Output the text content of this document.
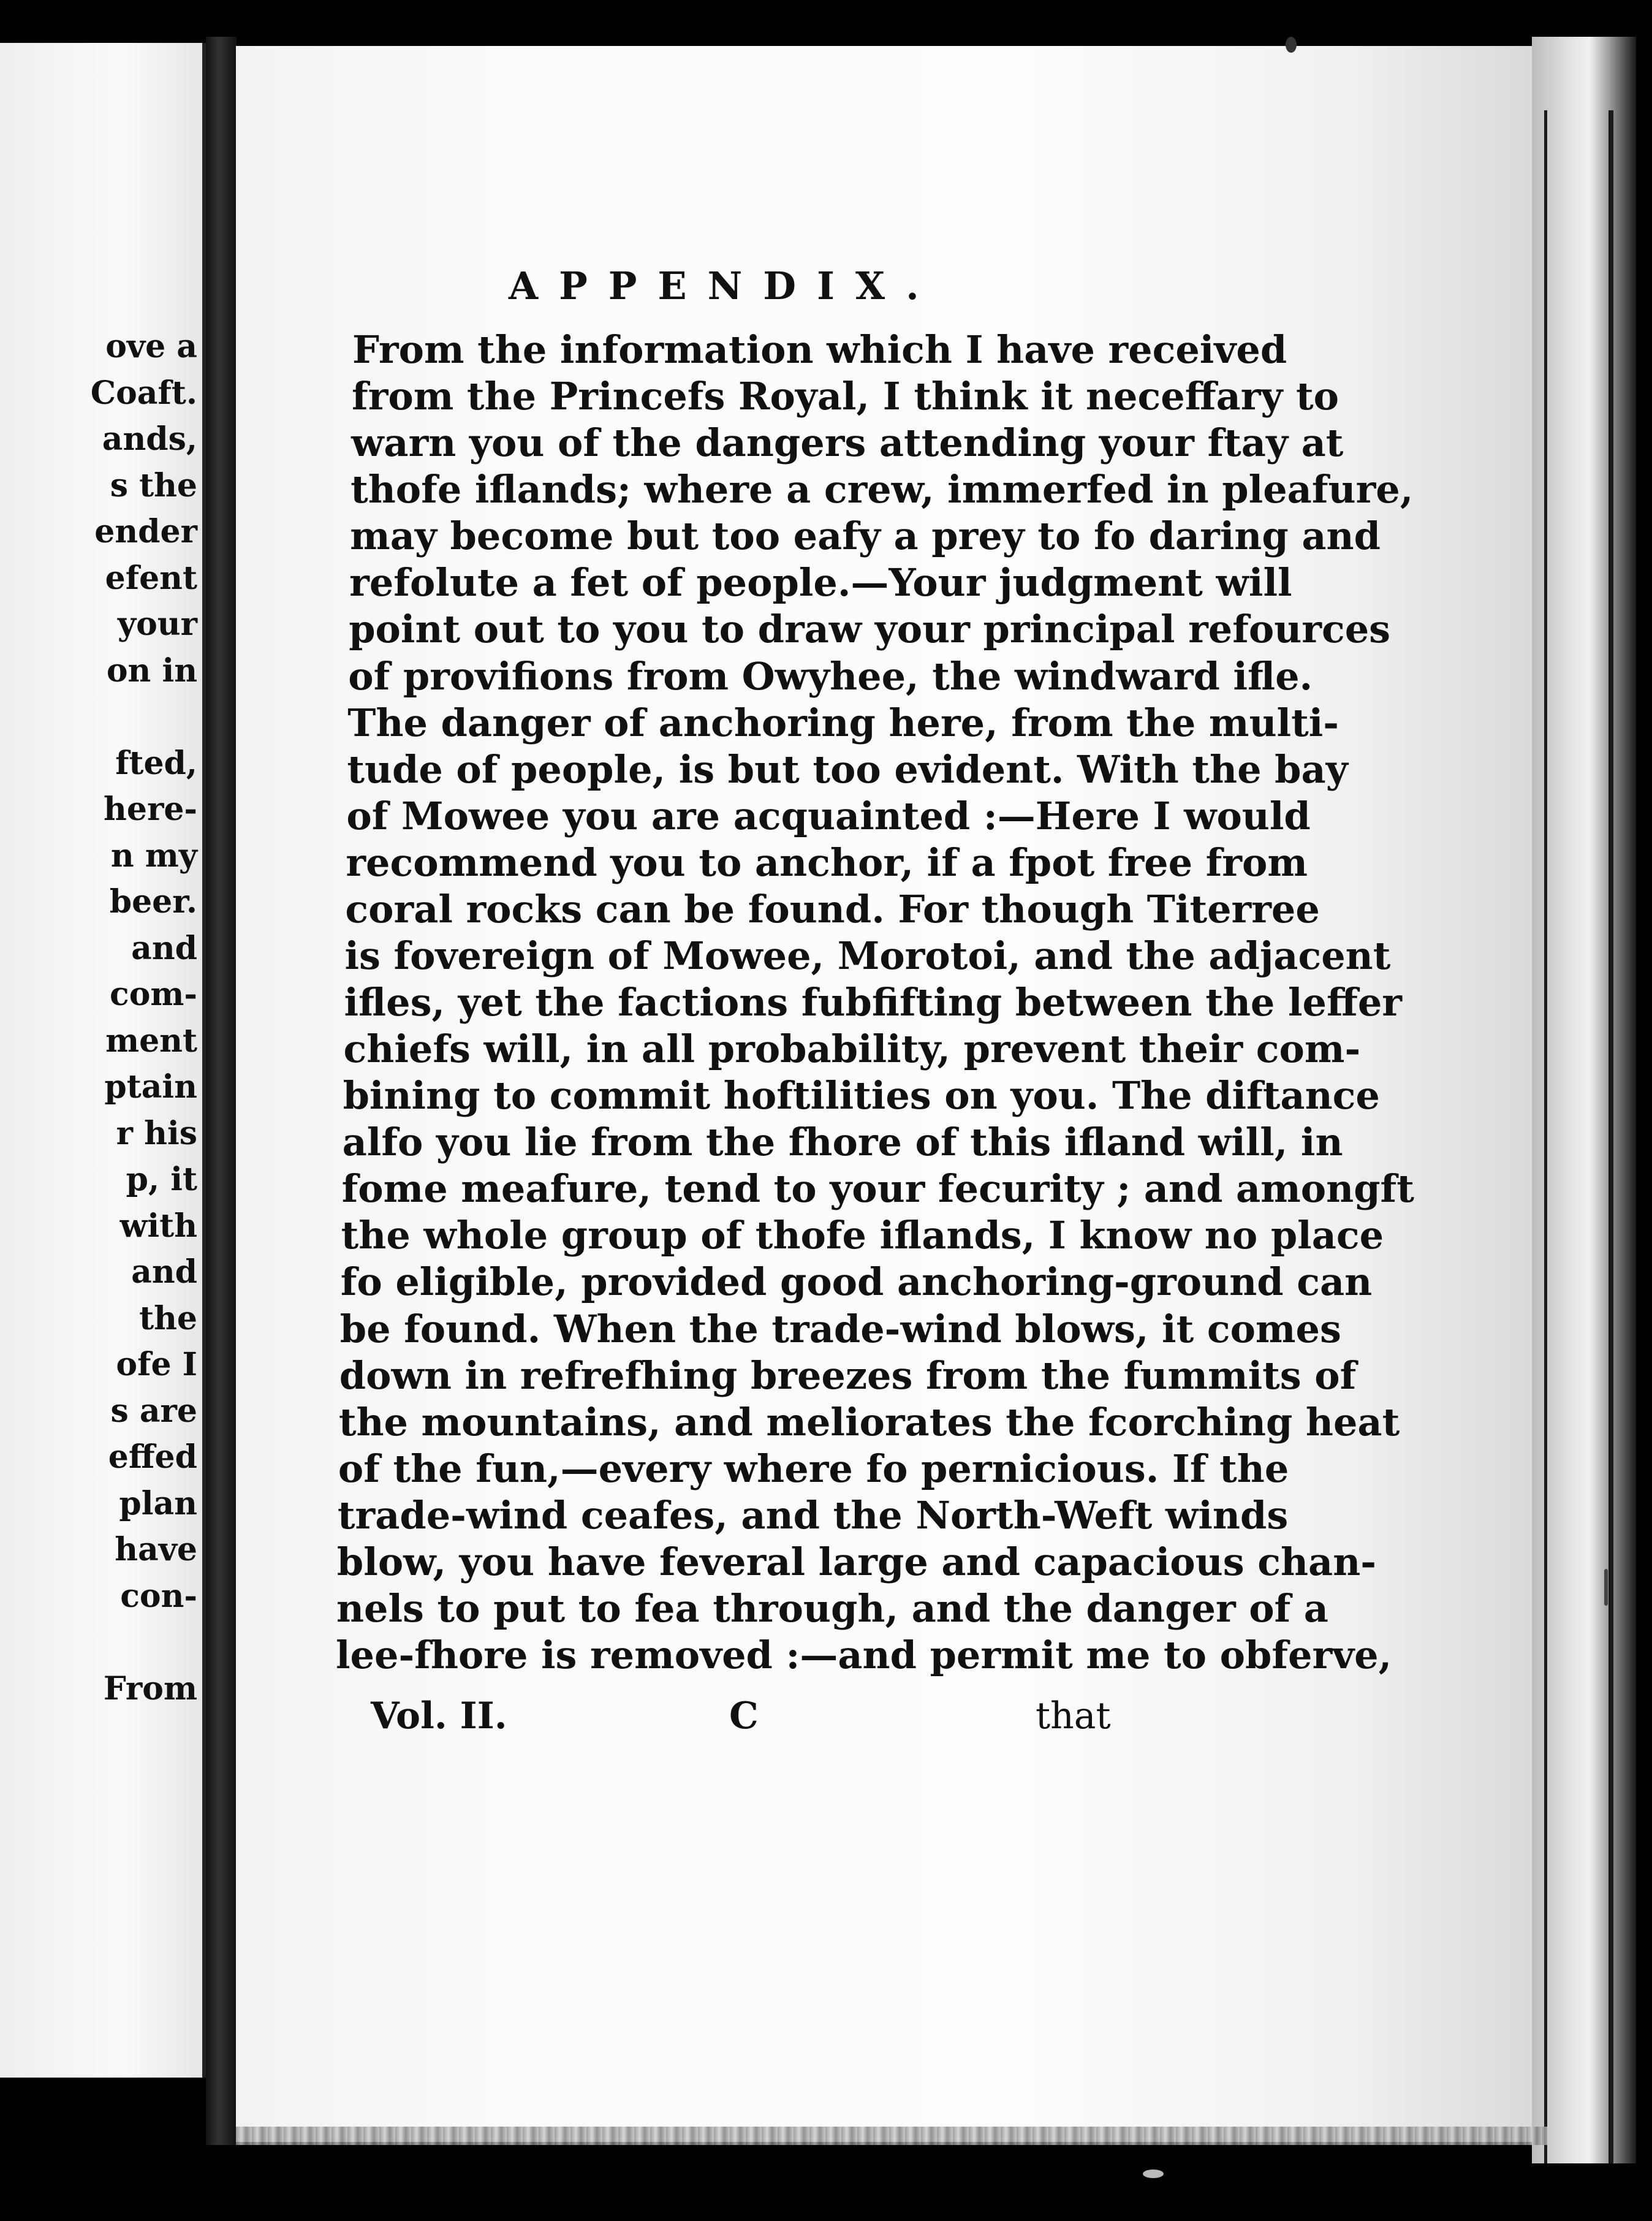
ove a
Coaft.
ands,
s the
ender
efent
your
on in
fted,
here-
n my
beer.
and
com-
ment
ptain
r his
p, it
with
and
the
ofe I
s are
effed
plan
have
con-
From
APPENDIX.
From the information which I have received
from the Princefs Royal, I think it neceffary to
warn you of the dangers attending your ftay at
thofe iflands; where a crew, immerfed in pleafure,
may become but too eafy a prey to fo daring and
refolute a fet of people.—Your judgment will
point out to you to draw your principal refources
of provifions from Owyhee, the windward ifle.
The danger of anchoring here, from the multi-
tude of people, is but too evident. With the bay
of Mowee you are acquainted :—Here I would
recommend you to anchor, if a fpot free from
coral rocks can be found. For though Titerree
is fovereign of Mowee, Morotoi, and the adjacent
ifles, yet the factions fubfifting between the leffer
chiefs will, in all probability, prevent their com-
bining to commit hoftilities on you. The diftance
alfo you lie from the fhore of this ifland will, in
fome meafure, tend to your fecurity ; and amongft
the whole group of thofe iflands, I know no place
fo eligible, provided good anchoring-ground can
be found. When the trade-wind blows, it comes
down in refrefhing breezes from the fummits of
the mountains, and meliorates the fcorching heat
of the fun,—every where fo pernicious. If the
trade-wind ceafes, and the North-Weft winds
blow, you have feveral large and capacious chan-
nels to put to fea through, and the danger of a
lee-fhore is removed :—and permit me to obferve,
Vol. II.	C	that
